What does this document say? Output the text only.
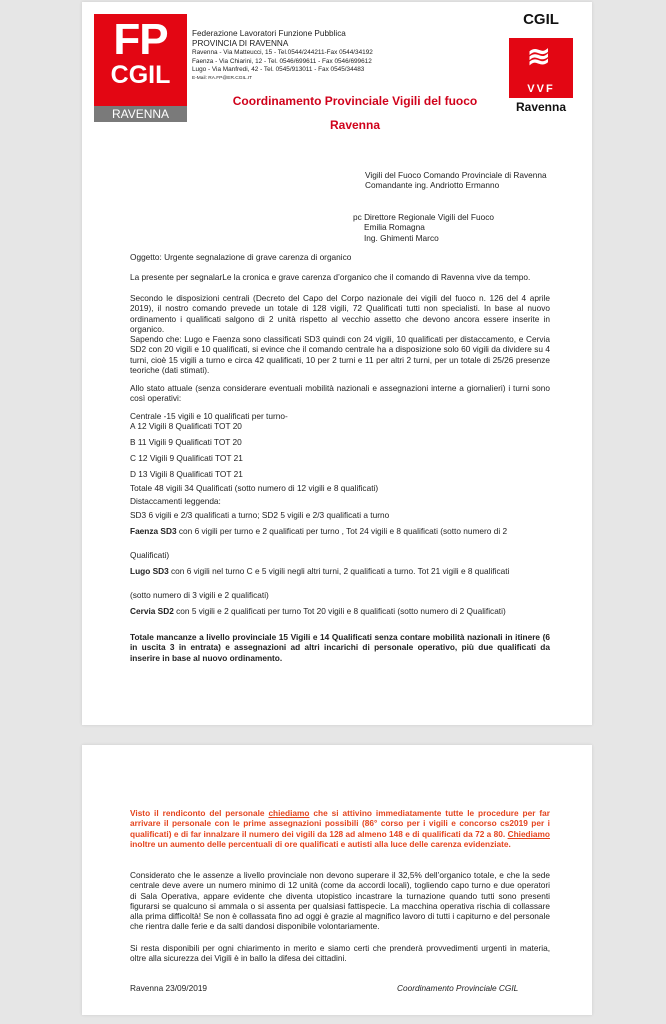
FP
CGIL
RAVENNA
Federazione Lavoratori Funzione Pubblica
PROVINCIA DI RAVENNA
Ravenna - Via Matteucci, 15 - Tel.0544/244211-Fax 0544/34192
Faenza - Via Chiarini, 12 - Tel. 0546/699611 - Fax 0546/699612
Lugo - Via Manfredi, 42 - Tel. 0545/913011 - Fax 0545/34483
E-Mail: RA.FP@ER.CGIL.IT
Coordinamento Provinciale Vigili del fuoco
Ravenna
CGIL
≋
VVF
Ravenna
Vigili del Fuoco Comando Provinciale di Ravenna
Comandante ing. Andriotto Ermanno
pc Direttore Regionale Vigili del Fuoco
Emilia Romagna
Ing. Ghimenti Marco
Oggetto: Urgente segnalazione di grave carenza di organico
La presente per segnalarLe la cronica e grave carenza d’organico che il comando di Ravenna vive da tempo.
Secondo le disposizioni centrali (Decreto del Capo del Corpo nazionale dei vigili del fuoco n. 126 del 4 aprile 2019), il nostro comando prevede un totale di 128 vigili, 72 Qualificati tutti non specialisti. In base al nuovo ordinamento i qualificati salgono di 2 unità rispetto al vecchio assetto che devono ancora essere inserite in organico.
Sapendo che: Lugo e Faenza sono classificati SD3 quindi con 24 vigili, 10 qualificati per distaccamento, e Cervia SD2 con 20 vigili e 10 qualificati, si evince che il comando centrale ha a disposizione solo 60 vigili da dividere su 4 turni, cioè 15 vigili a turno e circa 42 qualificati, 10 per 2 turni e 11 per altri 2 turni, per un totale di 25/26 presenze teoriche (dati stimati).
Allo stato attuale (senza considerare eventuali mobilità nazionali e assegnazioni interne a giornalieri) i turni sono così operativi:
Centrale -15 vigili e 10 qualificati per turno-
A 12 Vigili 8 Qualificati TOT 20
B 11 Vigili 9 Qualificati TOT 20
C 12 Vigili 9 Qualificati TOT 21
D 13 Vigili 8 Qualificati TOT 21
Totale 48 vigili 34 Qualificati (sotto numero di 12 vigili e 8 qualificati)
Distaccamenti leggenda:
SD3 6 vigili e 2/3 qualificati a turno; SD2 5 vigili e 2/3 qualificati a turno
Faenza SD3 con 6 vigili per turno e 2 qualificati per turno , Tot 24 vigili e 8 qualificati (sotto numero di 2
Qualificati)
Lugo SD3 con 6 vigili nel turno C e 5 vigili negli altri turni, 2 qualificati a turno. Tot 21 vigili e 8 qualificati
(sotto numero di 3 vigili e 2 qualificati)
Cervia SD2 con 5 vigili e 2 qualificati per turno Tot 20 vigili e 8 qualificati (sotto numero di 2 Qualificati)
Totale mancanze a livello provinciale 15 Vigili e 14 Qualificati senza contare mobilità nazionali in itinere (6 in uscita 3 in entrata) e assegnazioni ad altri incarichi di personale operativo, più due qualificati da inserire in base al nuovo ordinamento.
Visto il rendiconto del personale chiediamo che si attivino immediatamente tutte le procedure per far arrivare il personale con le prime assegnazioni possibili (86° corso per i vigili e concorso cs2019 per i qualificati) e di far innalzare il numero dei vigili da 128 ad almeno 148 e di qualificati da 72 a 80. Chiediamo inoltre un aumento delle percentuali di ore qualificati e autisti alla luce delle carenza evidenziate.
Considerato che le assenze a livello provinciale non devono superare il 32,5% dell’organico totale, e che la sede centrale deve avere un numero minimo di 12 unità (come da accordi locali), togliendo capo turno e due operatori di Sala Operativa, appare evidente che diventa utopistico incastrare la turnazione quando tutti sono presenti figurarsi se qualcuno si ammala o si assenta per qualsiasi fattispecie. La macchina operativa rischia di collassare alla prima difficoltà! Se non è collassata fino ad oggi è grazie al magnifico lavoro di tutti i capiturno e del personale che rientra dalle ferie e da salti dandosi disponibile volontariamente.
Si resta disponibili per ogni chiarimento in merito e siamo certi che prenderà provvedimenti urgenti in materia, oltre alla sicurezza dei Vigili è in ballo la difesa dei cittadini.
Ravenna 23/09/2019	Coordinamento Provinciale CGIL
